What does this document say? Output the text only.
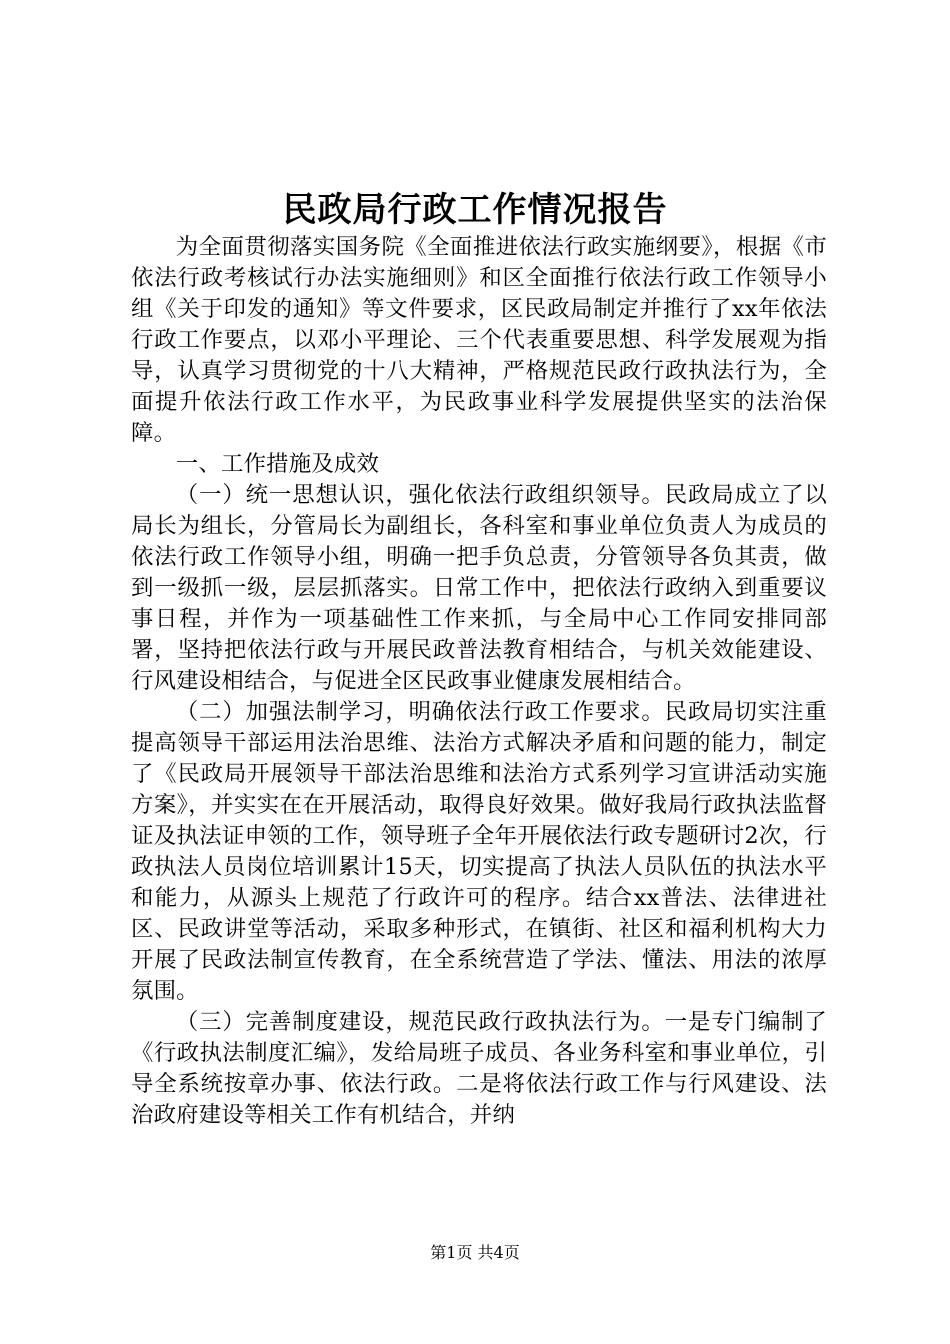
民政局行政工作情况报告

为全面贯彻落实国务院《全面推进依法行政实施纲要》，根据《市依法行政考核试行办法实施细则》和区全面推行依法行政工作领导小组《关于印发的通知》等文件要求，区民政局制定并推行了xx年依法行政工作要点，以邓小平理论、三个代表重要思想、科学发展观为指导，认真学习贯彻党的十八大精神，严格规范民政行政执法行为，全面提升依法行政工作水平，为民政事业科学发展提供坚实的法治保障。

一、工作措施及成效

（一）统一思想认识，强化依法行政组织领导。民政局成立了以局长为组长，分管局长为副组长，各科室和事业单位负责人为成员的依法行政工作领导小组，明确一把手负总责，分管领导各负其责，做到一级抓一级，层层抓落实。日常工作中，把依法行政纳入到重要议事日程，并作为一项基础性工作来抓，与全局中心工作同安排同部署，坚持把依法行政与开展民政普法教育相结合，与机关效能建设、行风建设相结合，与促进全区民政事业健康发展相结合。

（二）加强法制学习，明确依法行政工作要求。民政局切实注重提高领导干部运用法治思维、法治方式解决矛盾和问题的能力，制定了《民政局开展领导干部法治思维和法治方式系列学习宣讲活动实施方案》，并实实在在开展活动，取得良好效果。做好我局行政执法监督证及执法证申领的工作，领导班子全年开展依法行政专题研讨2次，行政执法人员岗位培训累计15天，切实提高了执法人员队伍的执法水平和能力，从源头上规范了行政许可的程序。结合xx普法、法律进社区、民政讲堂等活动，采取多种形式，在镇街、社区和福利机构大力开展了民政法制宣传教育，在全系统营造了学法、懂法、用法的浓厚氛围。

（三）完善制度建设，规范民政行政执法行为。一是专门编制了《行政执法制度汇编》，发给局班子成员、各业务科室和事业单位，引导全系统按章办事、依法行政。二是将依法行政工作与行风建设、法治政府建设等相关工作有机结合，并纳

第1页 共4页
